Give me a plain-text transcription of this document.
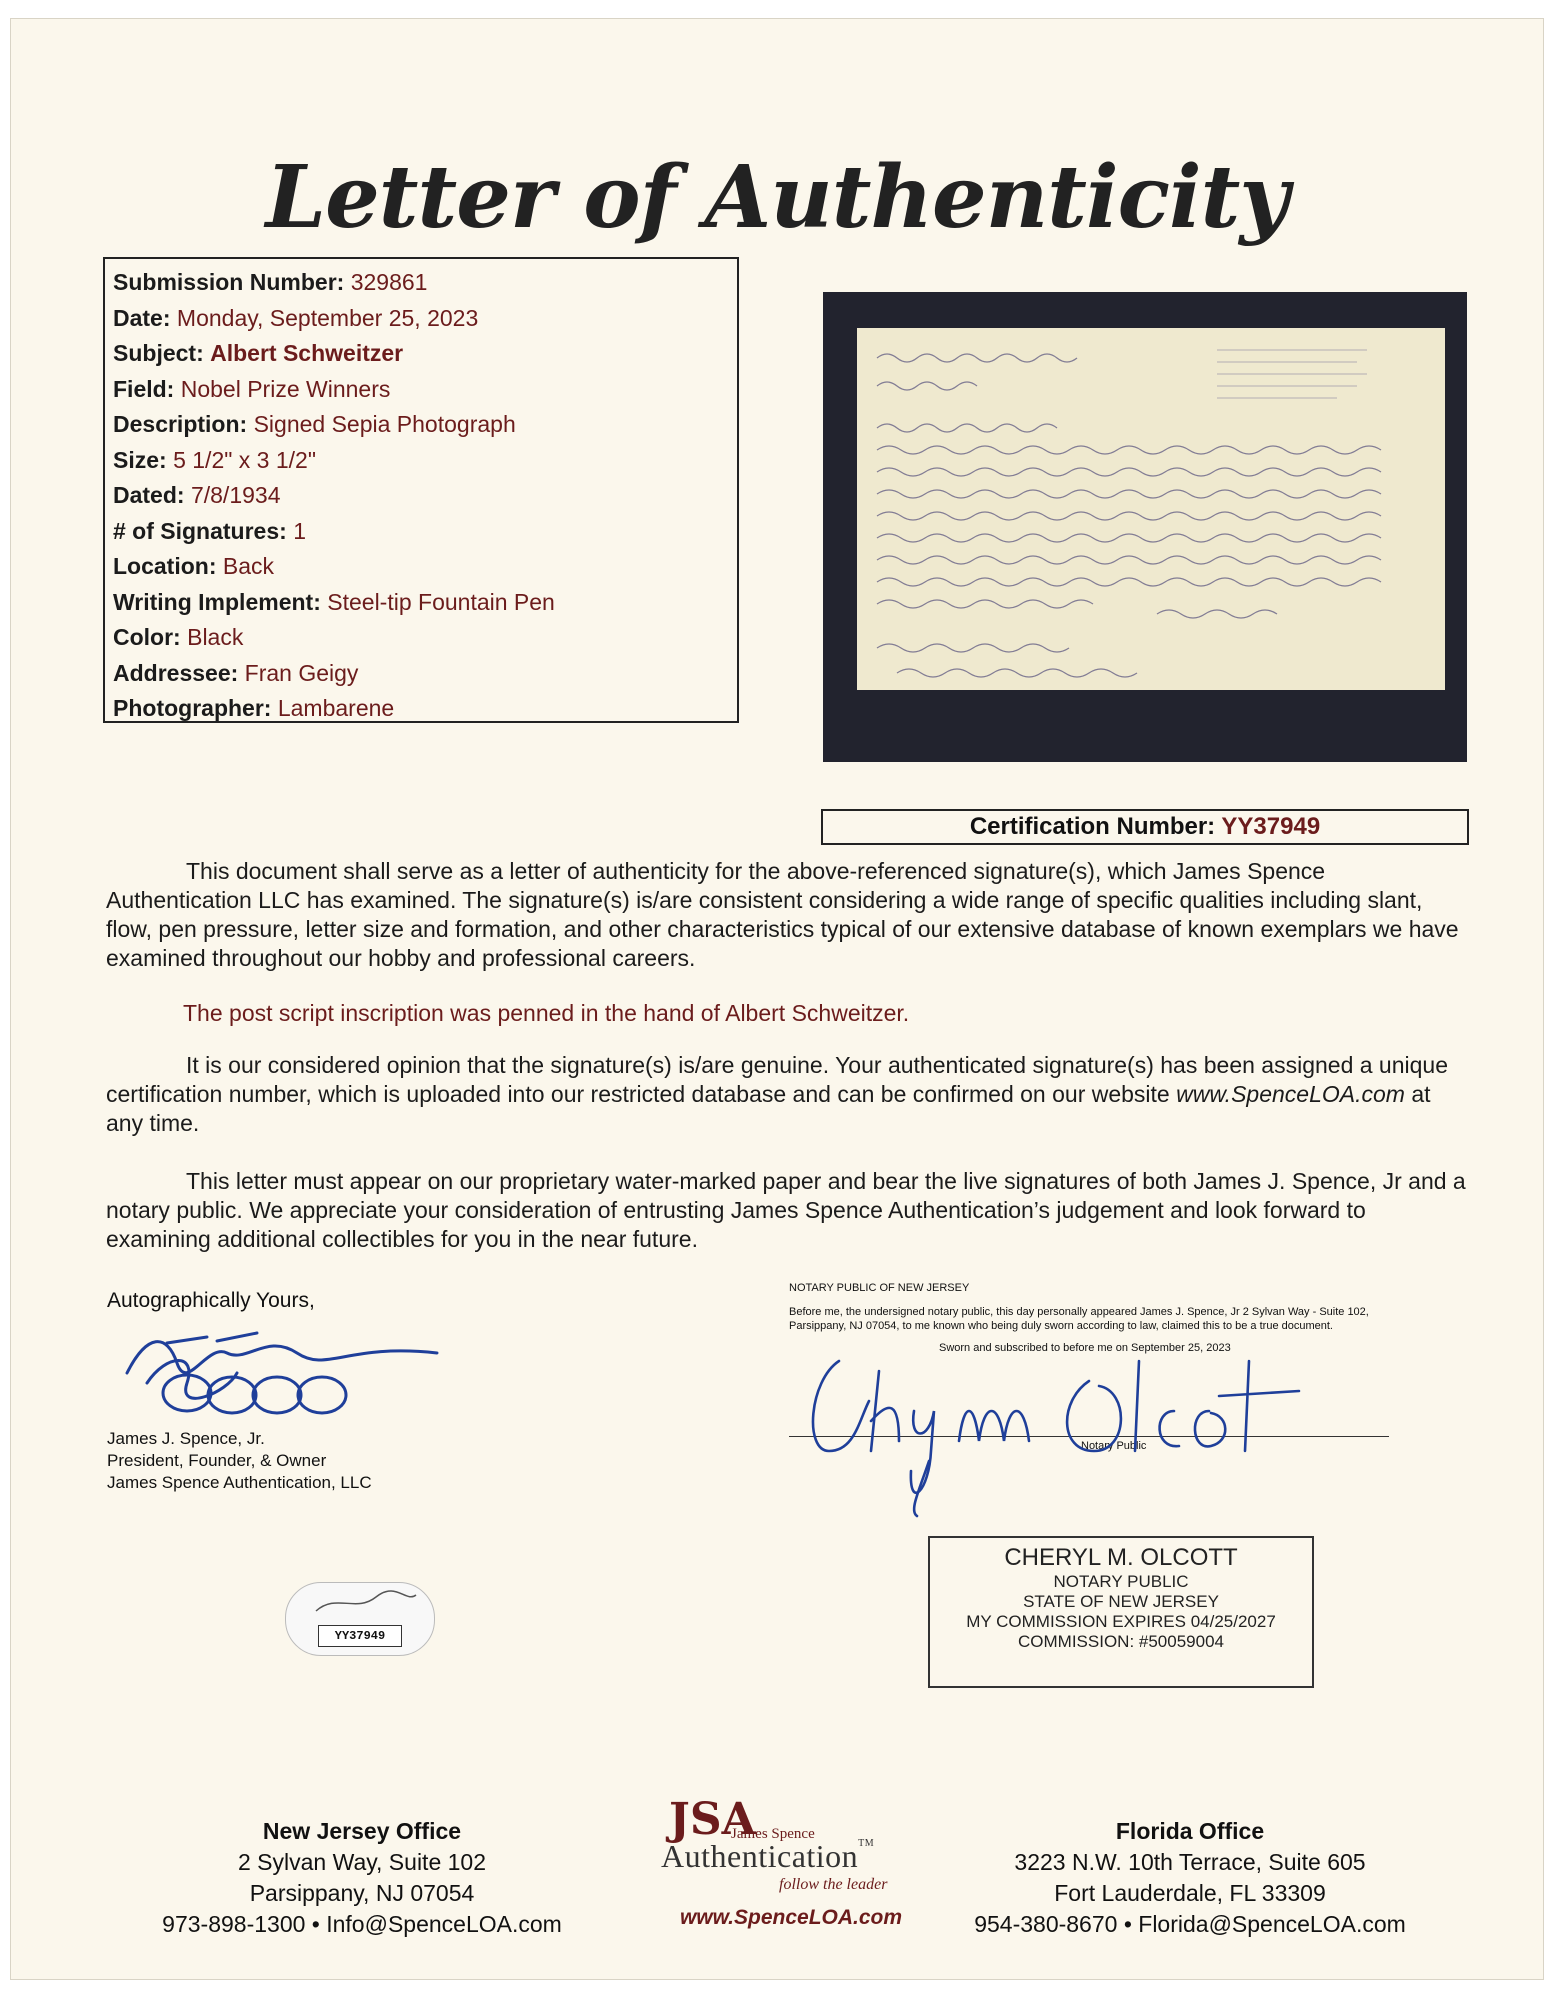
Letter of Authenticity
Submission Number: 329861
Date: Monday, September 25, 2023
Subject: Albert Schweitzer
Field: Nobel Prize Winners
Description: Signed Sepia Photograph
Size: 5 1/2" x 3 1/2"
Dated: 7/8/1934
# of Signatures: 1
Location: Back
Writing Implement: Steel-tip Fountain Pen
Color: Black
Addressee: Fran Geigy
Photographer: Lambarene
Certification Number: YY37949
This document shall serve as a letter of authenticity for the above-referenced signature(s), which James Spence Authentication LLC has examined. The signature(s) is/are consistent considering a wide range of specific qualities including slant, flow, pen pressure, letter size and formation, and other characteristics typical of our extensive database of known exemplars we have examined throughout our hobby and professional careers.
The post script inscription was penned in the hand of Albert Schweitzer.
It is our considered opinion that the signature(s) is/are genuine. Your authenticated signature(s) has been assigned a unique certification number, which is uploaded into our restricted database and can be confirmed on our website www.SpenceLOA.com at any time.
This letter must appear on our proprietary water-marked paper and bear the live signatures of both James J. Spence, Jr and a notary public. We appreciate your consideration of entrusting James Spence Authentication’s judgement and look forward to examining additional collectibles for you in the near future.
Autographically Yours,
James J. Spence, Jr.
President, Founder, & Owner
James Spence Authentication, LLC
YY37949
NOTARY PUBLIC OF NEW JERSEY
Before me, the undersigned notary public, this day personally appeared James J. Spence, Jr 2 Sylvan Way - Suite 102, Parsippany, NJ 07054, to me known who being duly sworn according to law, claimed this to be a true document.
Sworn and subscribed to before me on September 25, 2023
Notary Public
CHERYL M. OLCOTT
NOTARY PUBLIC
STATE OF NEW JERSEY
MY COMMISSION EXPIRES 04/25/2027
COMMISSION: #50059004
New Jersey Office
2 Sylvan Way, Suite 102
Parsippany, NJ 07054
973-898-1300 • Info@SpenceLOA.com
JSA
James Spence
Authentication™
follow the leader
www.SpenceLOA.com
Florida Office
3223 N.W. 10th Terrace, Suite 605
Fort Lauderdale, FL 33309
954-380-8670 • Florida@SpenceLOA.com
